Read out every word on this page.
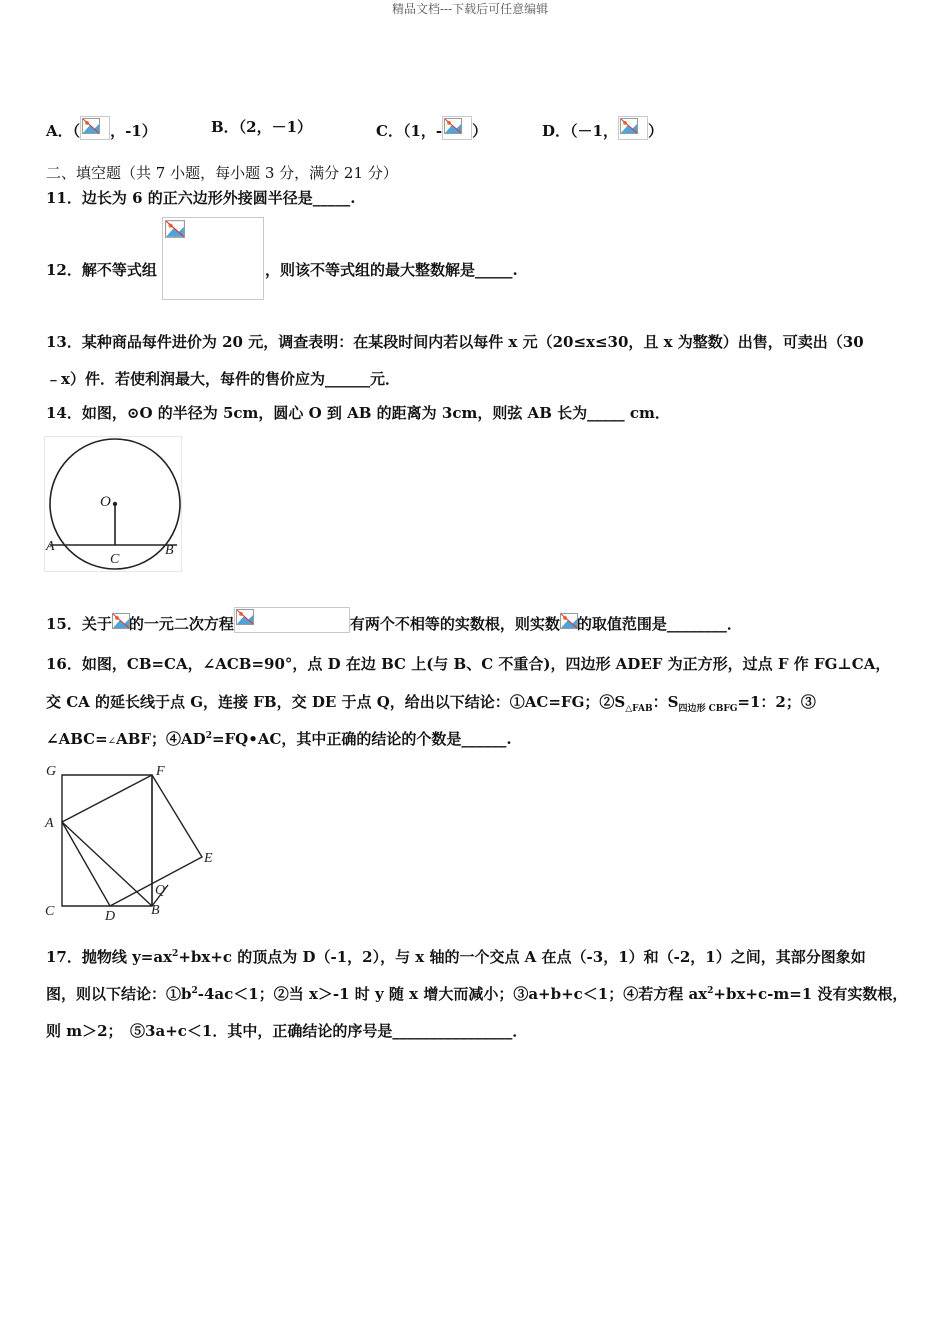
精品文档---下载后可任意编辑
A．（ ，-1）	B．（2，－1）	C．（1，- ）	D．（－1， ）
二、填空题（共 7 小题，每小题 3 分，满分 21 分）
11．边长为 6 的正六边形外接圆半径是_____.
12．解不等式组	，则该不等式组的最大整数解是_____.
13．某种商品每件进价为 20 元，调查表明：在某段时间内若以每件 x 元（20≤x≤30，且 x 为整数）出售，可卖出（30
﹣x）件．若使利润最大，每件的售价应为______元．
14．如图，⊙O 的半径为 5cm，圆心 O 到 AB 的距离为 3cm，则弦 AB 长为_____ cm．
O
A	B
C
15．关于 的一元二次方程	有两个不相等的实数根，则实数 的取值范围是________．
16．如图，CB=CA，∠ACB=90°，点 D 在边 BC 上(与 B、C 不重合)，四边形 ADEF 为正方形，过点 F 作 FG⊥CA，
交 CA 的延长线于点 G，连接 FB，交 DE 于点 Q，给出以下结论：①AC=FG；$②S_{\triangle FAB}$：$S_{四边形 CBFG}=1$：2；③
∠ABC=∠ABF；$④AD^2=FQ•AC$，其中正确的结论的个数是______.
G	F
A
E
Q
C	D	B
17．抛物线 $y=ax^2+bx+c$ 的顶点为 D（-1，2），与 x 轴的一个交点 A 在点（-3，1）和（-2，1）之间，其部分图象如
图，则以下结论：$①b^2-4ac<1$；②当 x＞-1 时 y 随 x 增大而减小；③a+b+c＜1；④若方程 $ax^2+bx+c-m=1$ 没有实数根，
则 m＞2；　⑤3a+c＜1．其中，正确结论的序号是________________．
